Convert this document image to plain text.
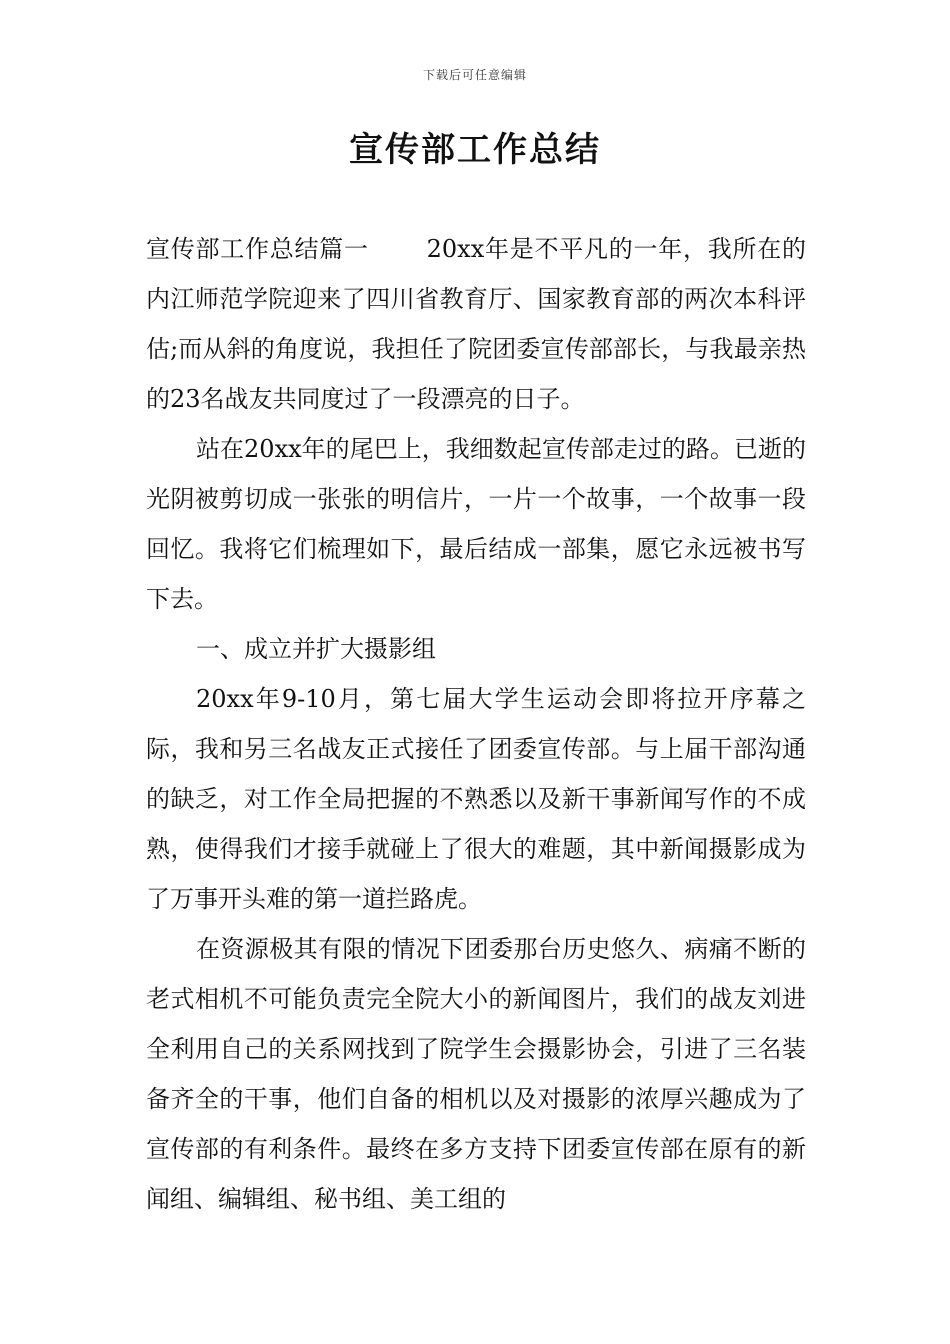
下载后可任意编辑
宣传部工作总结

宣传部工作总结篇一　　 20xx年是不平凡的一年，我所在的内江师范学院迎来了四川省教育厅、国家教育部的两次本科评估;而从斜的角度说，我担任了院团委宣传部部长，与我最亲热的23名战友共同度过了一段漂亮的日子。

站在20xx年的尾巴上，我细数起宣传部走过的路。已逝的光阴被剪切成一张张的明信片，一片一个故事，一个故事一段回忆。我将它们梳理如下，最后结成一部集，愿它永远被书写下去。

一、成立并扩大摄影组

20xx年9-10月，第七届大学生运动会即将拉开序幕之际，我和另三名战友正式接任了团委宣传部。与上届干部沟通的缺乏，对工作全局把握的不熟悉以及新干事新闻写作的不成熟，使得我们才接手就碰上了很大的难题，其中新闻摄影成为了万事开头难的第一道拦路虎。

在资源极其有限的情况下团委那台历史悠久、病痛不断的老式相机不可能负责完全院大小的新闻图片，我们的战友刘进全利用自己的关系网找到了院学生会摄影协会，引进了三名装备齐全的干事，他们自备的相机以及对摄影的浓厚兴趣成为了宣传部的有利条件。最终在多方支持下团委宣传部在原有的新闻组、编辑组、秘书组、美工组的
